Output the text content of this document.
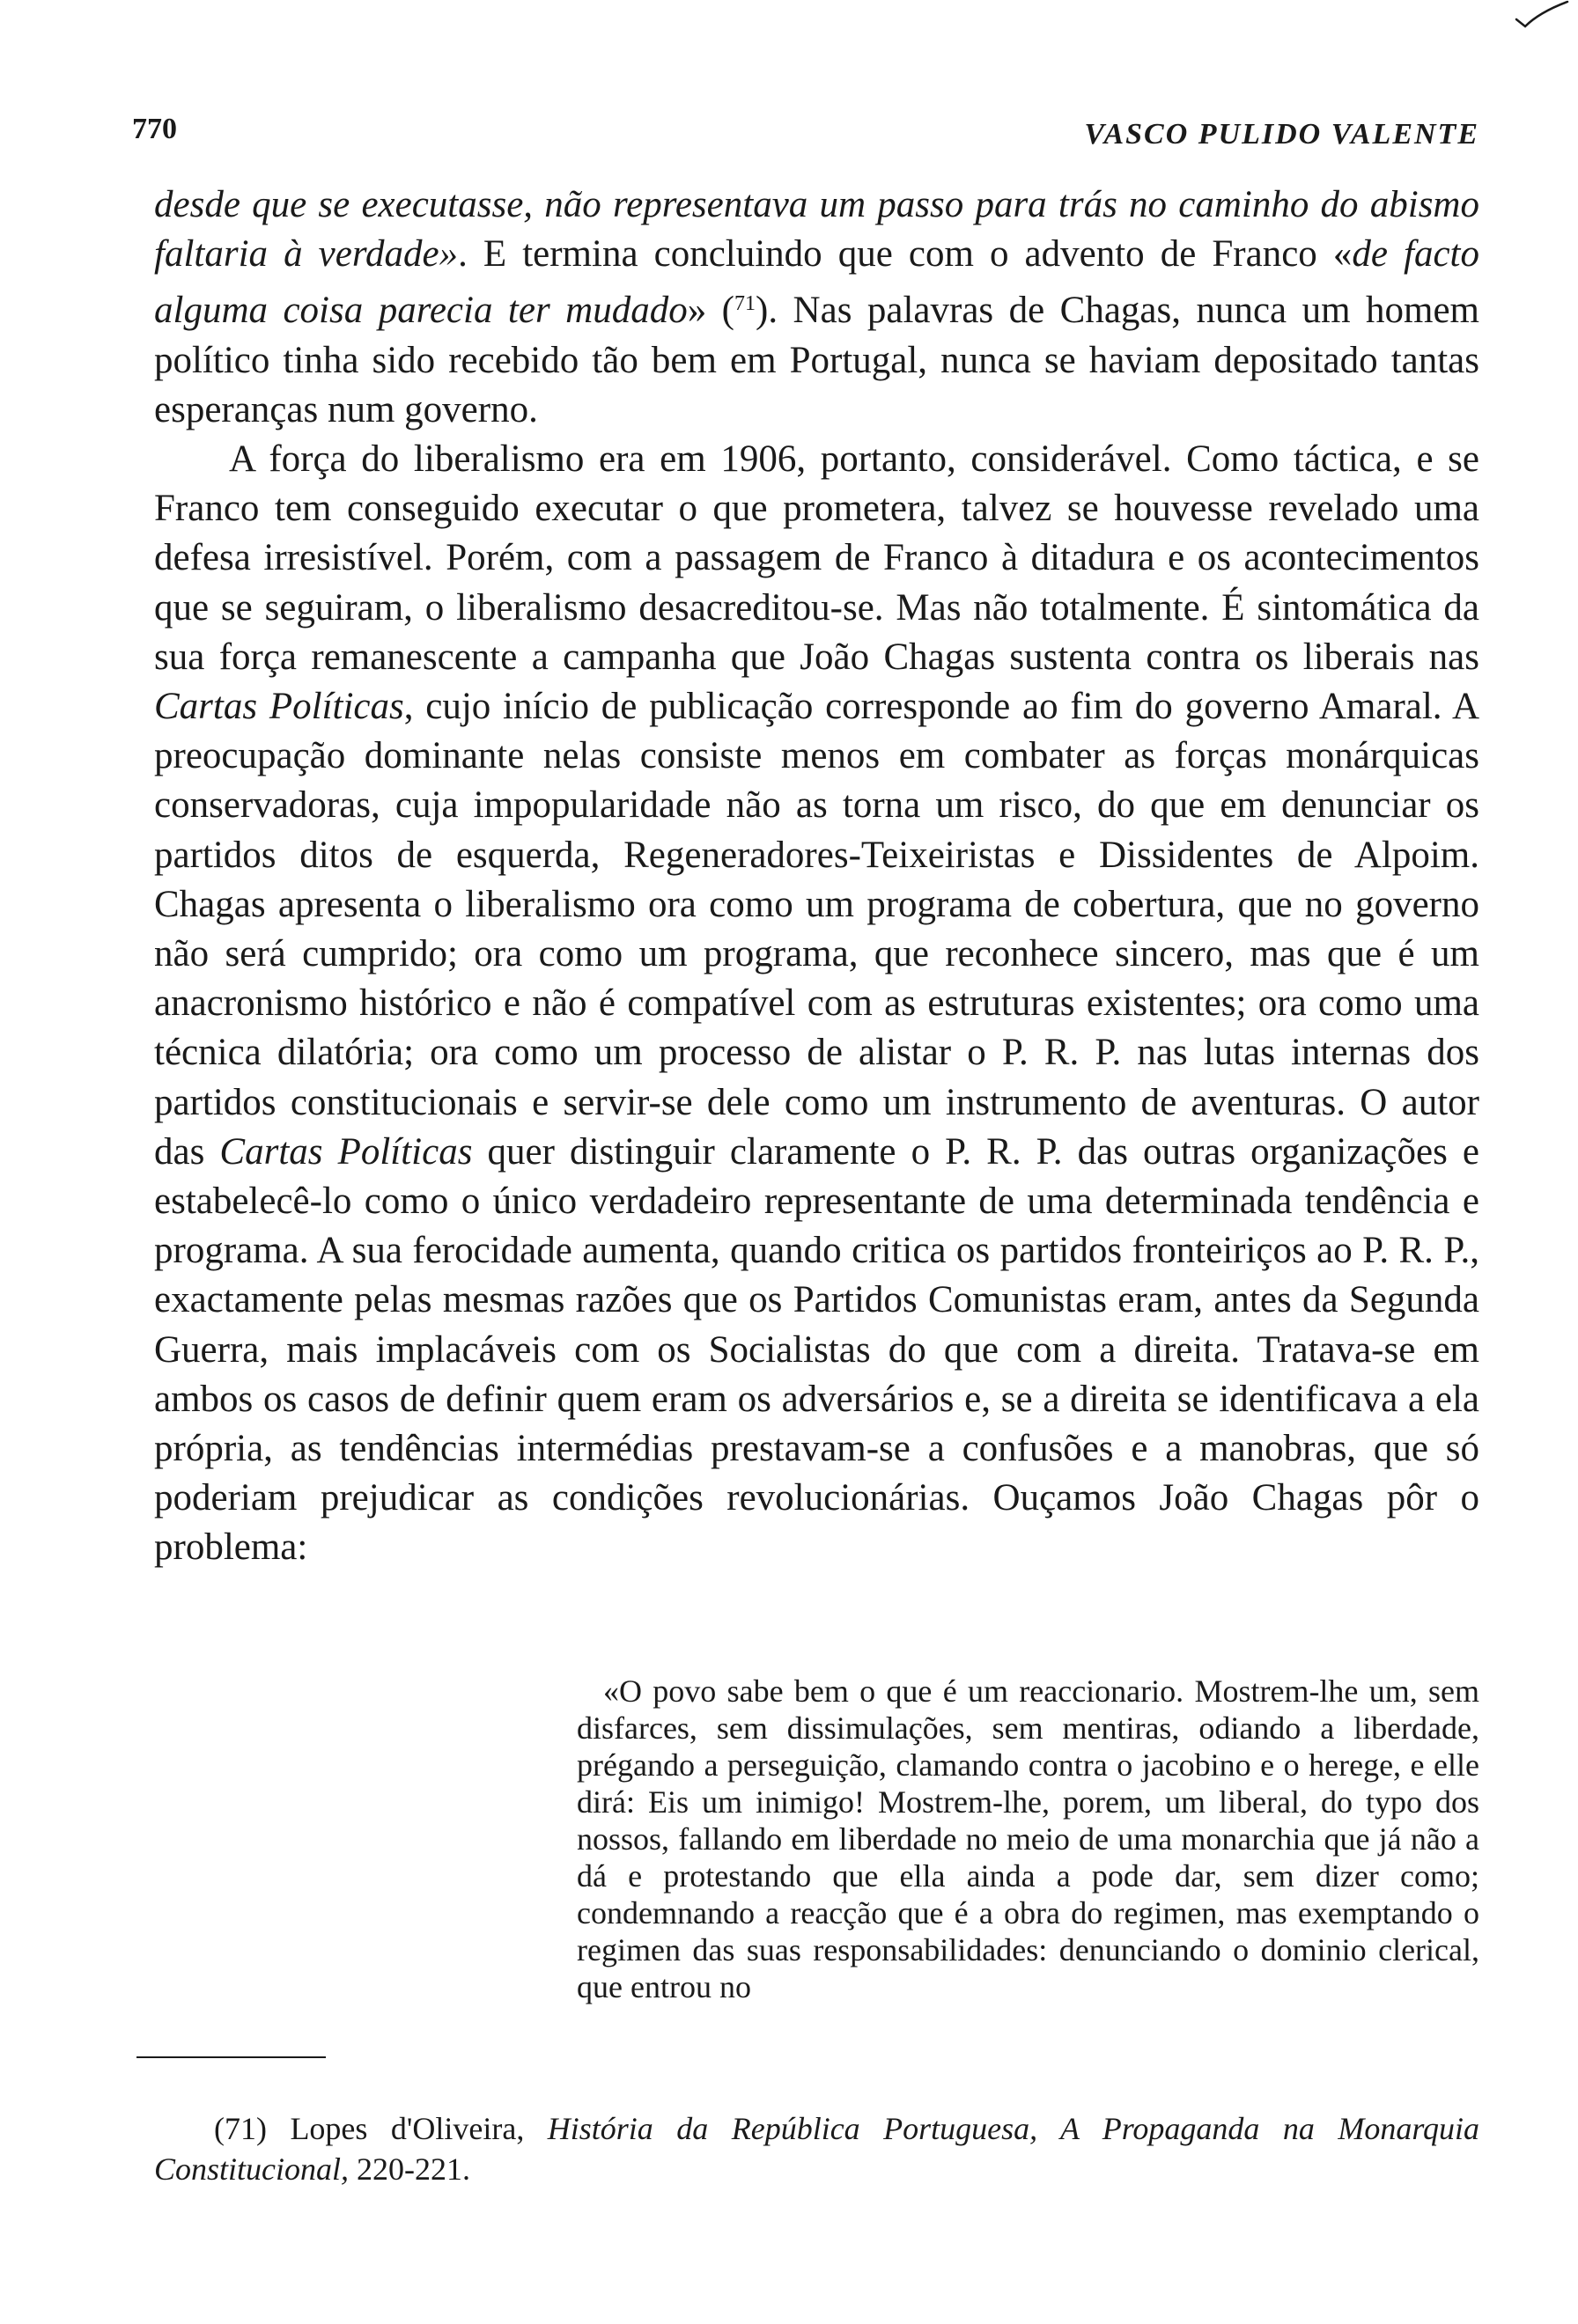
770	VASCO PULIDO VALENTE

desde que se executasse, não representava um passo para trás no caminho do abismo faltaria à verdade». E termina concluindo que com o advento de Franco «de facto alguma coisa parecia ter mudado» ($^{71}$). Nas palavras de Chagas, nunca um homem político tinha sido recebido tão bem em Portugal, nunca se haviam depositado tantas esperanças num governo.

A força do liberalismo era em 1906, portanto, considerável. Como táctica, e se Franco tem conseguido executar o que prometera, talvez se houvesse revelado uma defesa irresistível. Porém, com a passagem de Franco à ditadura e os acontecimentos que se seguiram, o liberalismo desacreditou-se. Mas não totalmente. É sintomática da sua força remanescente a campanha que João Chagas sustenta contra os liberais nas Cartas Políticas, cujo início de publicação corresponde ao fim do governo Amaral. A preocupação dominante nelas consiste menos em combater as forças monárquicas conservadoras, cuja impopularidade não as torna um risco, do que em denunciar os partidos ditos de esquerda, Regeneradores-Teixeiristas e Dissidentes de Alpoim. Chagas apresenta o liberalismo ora como um programa de cobertura, que no governo não será cumprido; ora como um programa, que reconhece sincero, mas que é um anacronismo histórico e não é compatível com as estruturas existentes; ora como uma técnica dilatória; ora como um processo de alistar o P. R. P. nas lutas internas dos partidos constitucionais e servir-se dele como um instrumento de aventuras. O autor das Cartas Políticas quer distinguir claramente o P. R. P. das outras organizações e estabelecê-lo como o único verdadeiro representante de uma determinada tendência e programa. A sua ferocidade aumenta, quando critica os partidos fronteiriços ao P. R. P., exactamente pelas mesmas razões que os Partidos Comunistas eram, antes da Segunda Guerra, mais implacáveis com os Socialistas do que com a direita. Tratava-se em ambos os casos de definir quem eram os adversários e, se a direita se identificava a ela própria, as tendências intermédias prestavam-se a confusões e a manobras, que só poderiam prejudicar as condições revolucionárias. Ouçamos João Chagas pôr o problema:

«O povo sabe bem o que é um reaccionario. Mostrem-lhe um, sem disfarces, sem dissimulações, sem mentiras, odiando a liberdade, prégando a perseguição, clamando contra o jacobino e o herege, e elle dirá: Eis um inimigo! Mostrem-lhe, porem, um liberal, do typo dos nossos, fallando em liberdade no meio de uma monarchia que já não a dá e protestando que ella ainda a pode dar, sem dizer como; condemnando a reacção que é a obra do regimen, mas exemptando o regimen das suas responsabilidades: denunciando o dominio clerical, que entrou no

(71) Lopes d'Oliveira, História da República Portuguesa, A Propaganda na Monarquia Constitucional, 220-221.
